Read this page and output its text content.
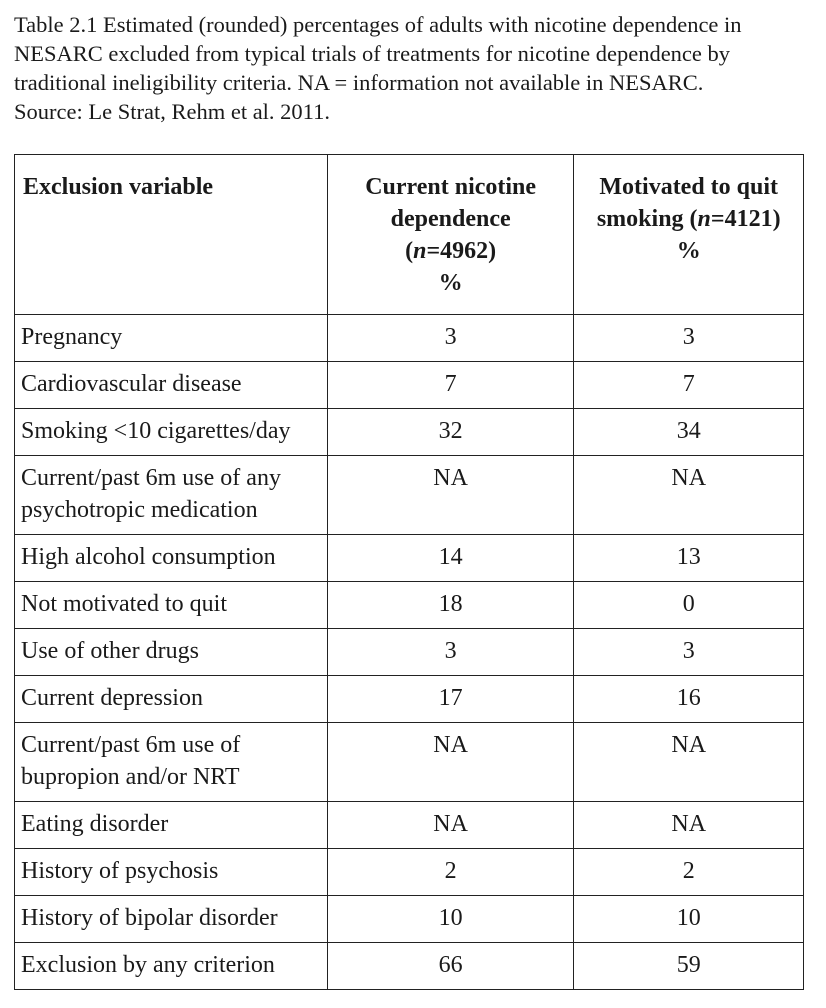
Table 2.1 Estimated (rounded) percentages of adults with nicotine dependence in
NESARC excluded from typical trials of treatments for nicotine dependence by
traditional ineligibility criteria. NA = information not available in NESARC.
Source: Le Strat, Rehm et al. 2011.
Exclusion variable	Current nicotine
dependence
(n=4962)
%	Motivated to quit
smoking (n=4121)
%

Pregnancy	3	3

Cardiovascular disease	7	7

Smoking <10 cigarettes/day	32	34

Current/past 6m use of any
psychotropic medication	NA	NA

High alcohol consumption	14	13

Not motivated to quit	18	0

Use of other drugs	3	3

Current depression	17	16

Current/past 6m use of
bupropion and/or NRT	NA	NA

Eating disorder	NA	NA

History of psychosis	2	2

History of bipolar disorder	10	10

Exclusion by any criterion	66	59
